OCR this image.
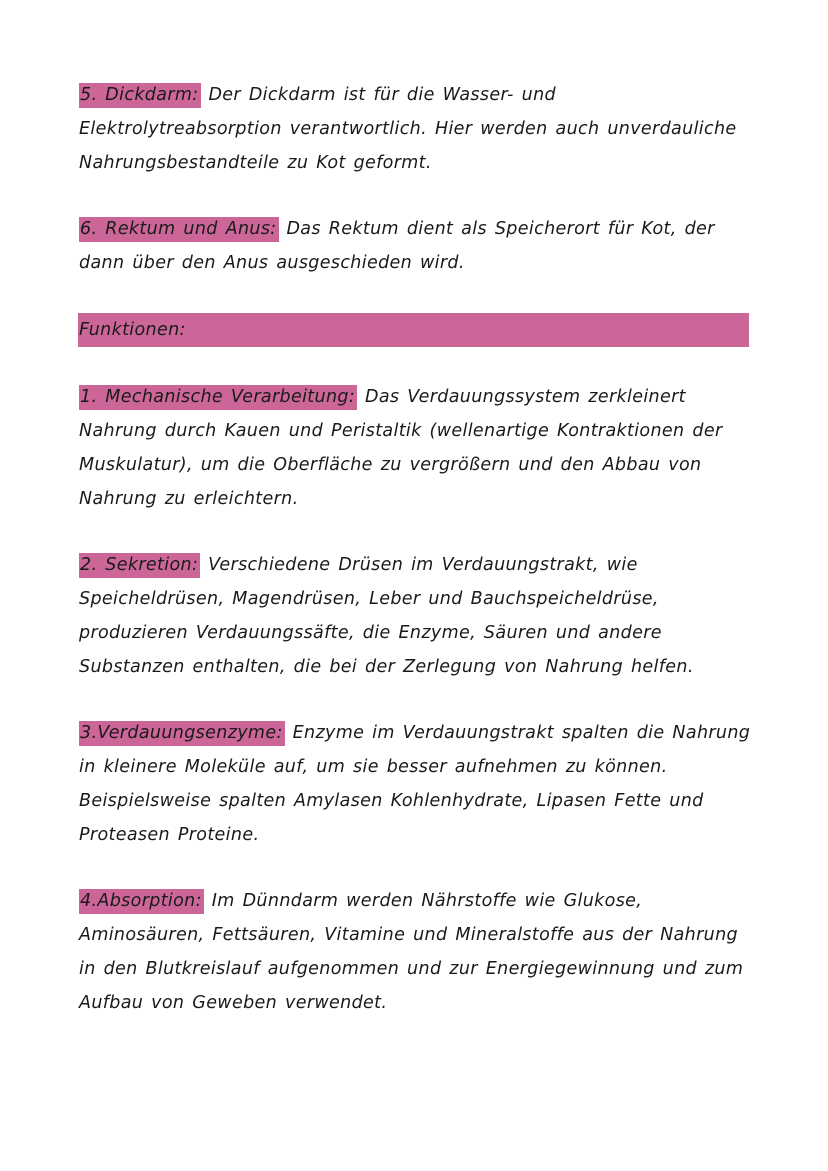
5. Dickdarm: Der Dickdarm ist für die Wasser- und Elektrolytreabsorption verantwortlich. Hier werden auch unverdauliche Nahrungsbestandteile zu Kot geformt.

6. Rektum und Anus: Das Rektum dient als Speicherort für Kot, der dann über den Anus ausgeschieden wird.

Funktionen:

1. Mechanische Verarbeitung: Das Verdauungssystem zerkleinert Nahrung durch Kauen und Peristaltik (wellenartige Kontraktionen der Muskulatur), um die Oberfläche zu vergrößern und den Abbau von Nahrung zu erleichtern.

2. Sekretion: Verschiedene Drüsen im Verdauungstrakt, wie Speicheldrüsen, Magendrüsen, Leber und Bauchspeicheldrüse, produzieren Verdauungssäfte, die Enzyme, Säuren und andere Substanzen enthalten, die bei der Zerlegung von Nahrung helfen.

3.Verdauungsenzyme: Enzyme im Verdauungstrakt spalten die Nahrung in kleinere Moleküle auf, um sie besser aufnehmen zu können. Beispielsweise spalten Amylasen Kohlenhydrate, Lipasen Fette und Proteasen Proteine.

4.Absorption: Im Dünndarm werden Nährstoffe wie Glukose, Aminosäuren, Fettsäuren, Vitamine und Mineralstoffe aus der Nahrung in den Blutkreislauf aufgenommen und zur Energiegewinnung und zum Aufbau von Geweben verwendet.
